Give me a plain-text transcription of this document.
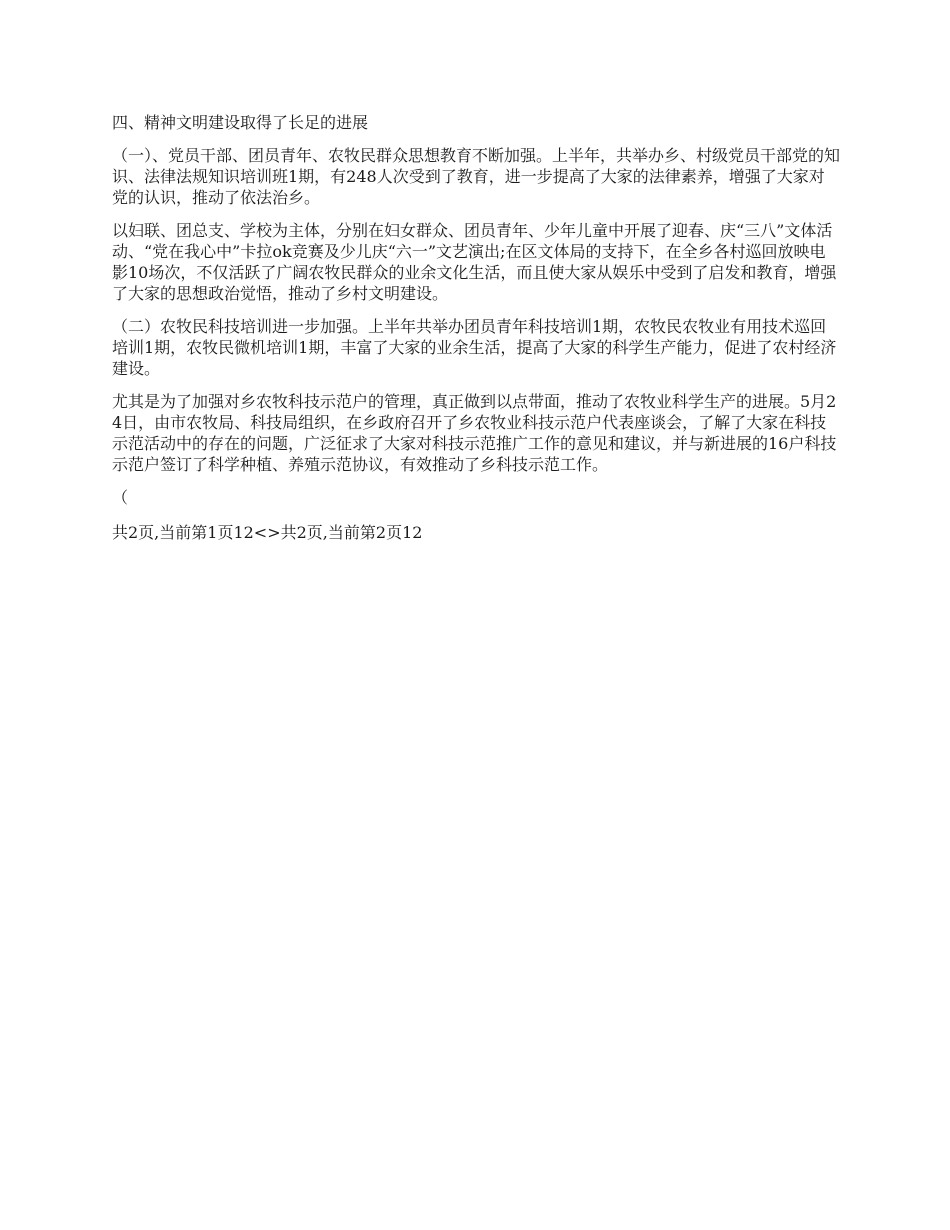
四、精神文明建设取得了长足的进展

（一）、党员干部、团员青年、农牧民群众思想教育不断加强。上半年，共举办乡、村级党员干部党的知识、法律法规知识培训班1期，有248人次受到了教育，进一步提高了大家的法律素养，增强了大家对党的认识，推动了依法治乡。

以妇联、团总支、学校为主体，分别在妇女群众、团员青年、少年儿童中开展了迎春、庆“三八”文体活动、“党在我心中”卡拉ok竞赛及少儿庆“六一”文艺演出;在区文体局的支持下，在全乡各村巡回放映电影10场次，不仅活跃了广阔农牧民群众的业余文化生活，而且使大家从娱乐中受到了启发和教育，增强了大家的思想政治觉悟，推动了乡村文明建设。

（二）农牧民科技培训进一步加强。上半年共举办团员青年科技培训1期，农牧民农牧业有用技术巡回培训1期，农牧民微机培训1期，丰富了大家的业余生活，提高了大家的科学生产能力，促进了农村经济建设。

尤其是为了加强对乡农牧科技示范户的管理，真正做到以点带面，推动了农牧业科学生产的进展。5月24日，由市农牧局、科技局组织，在乡政府召开了乡农牧业科技示范户代表座谈会，了解了大家在科技示范活动中的存在的问题，广泛征求了大家对科技示范推广工作的意见和建议，并与新进展的16户科技示范户签订了科学种植、养殖示范协议，有效推动了乡科技示范工作。

（

共2页,当前第1页12<>共2页,当前第2页12
